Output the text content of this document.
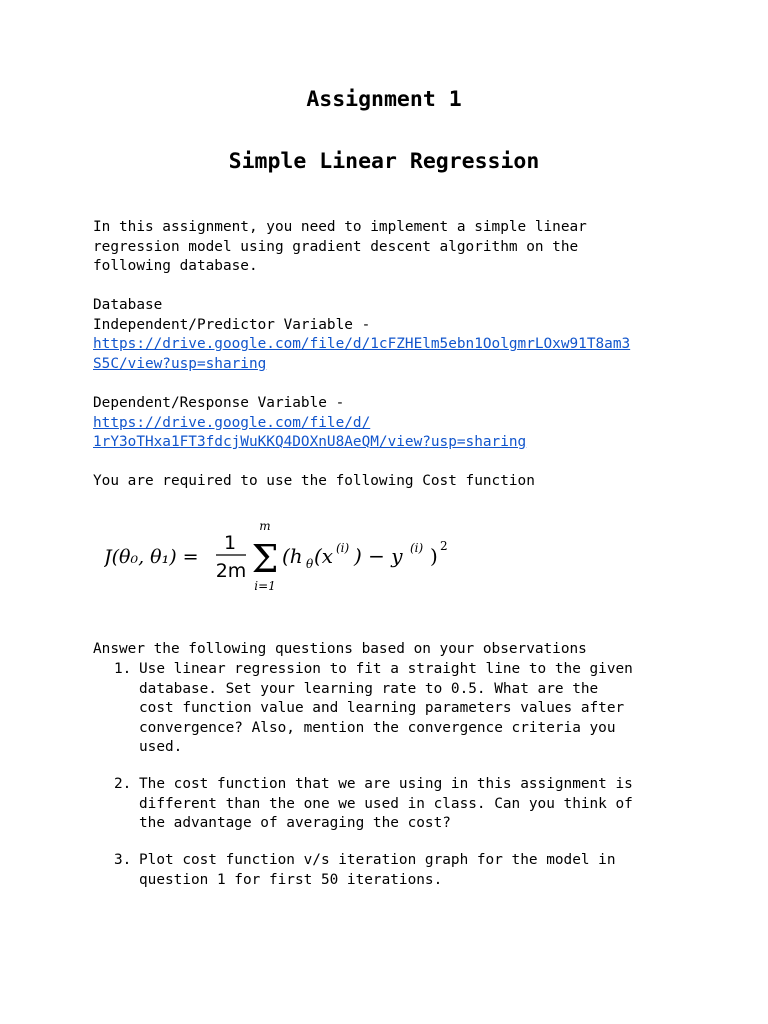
Assignment 1
Simple Linear Regression
In this assignment, you need to implement a simple linear
regression model using gradient descent algorithm on the
following database.
Database
Independent/Predictor Variable -
https://drive.google.com/file/d/1cFZHElm5ebn1OolgmrLOxw91T8am3
S5C/view?usp=sharing
Dependent/Response Variable -
https://drive.google.com/file/d/
1rY3oTHxa1FT3fdcjWuKKQ4DOXnU8AeQM/view?usp=sharing
You are required to use the following Cost function
J(θ₀, θ₁) =
1
2m
m
Σ
i=1
(h θ (x (i) ) − y (i) ) 2
Answer the following questions based on your observations
1. Use linear regression to fit a straight line to the given
database. Set your learning rate to 0.5. What are the
cost function value and learning parameters values after
convergence? Also, mention the convergence criteria you
used.
2. The cost function that we are using in this assignment is
different than the one we used in class. Can you think of
the advantage of averaging the cost?
3. Plot cost function v/s iteration graph for the model in
question 1 for first 50 iterations.
